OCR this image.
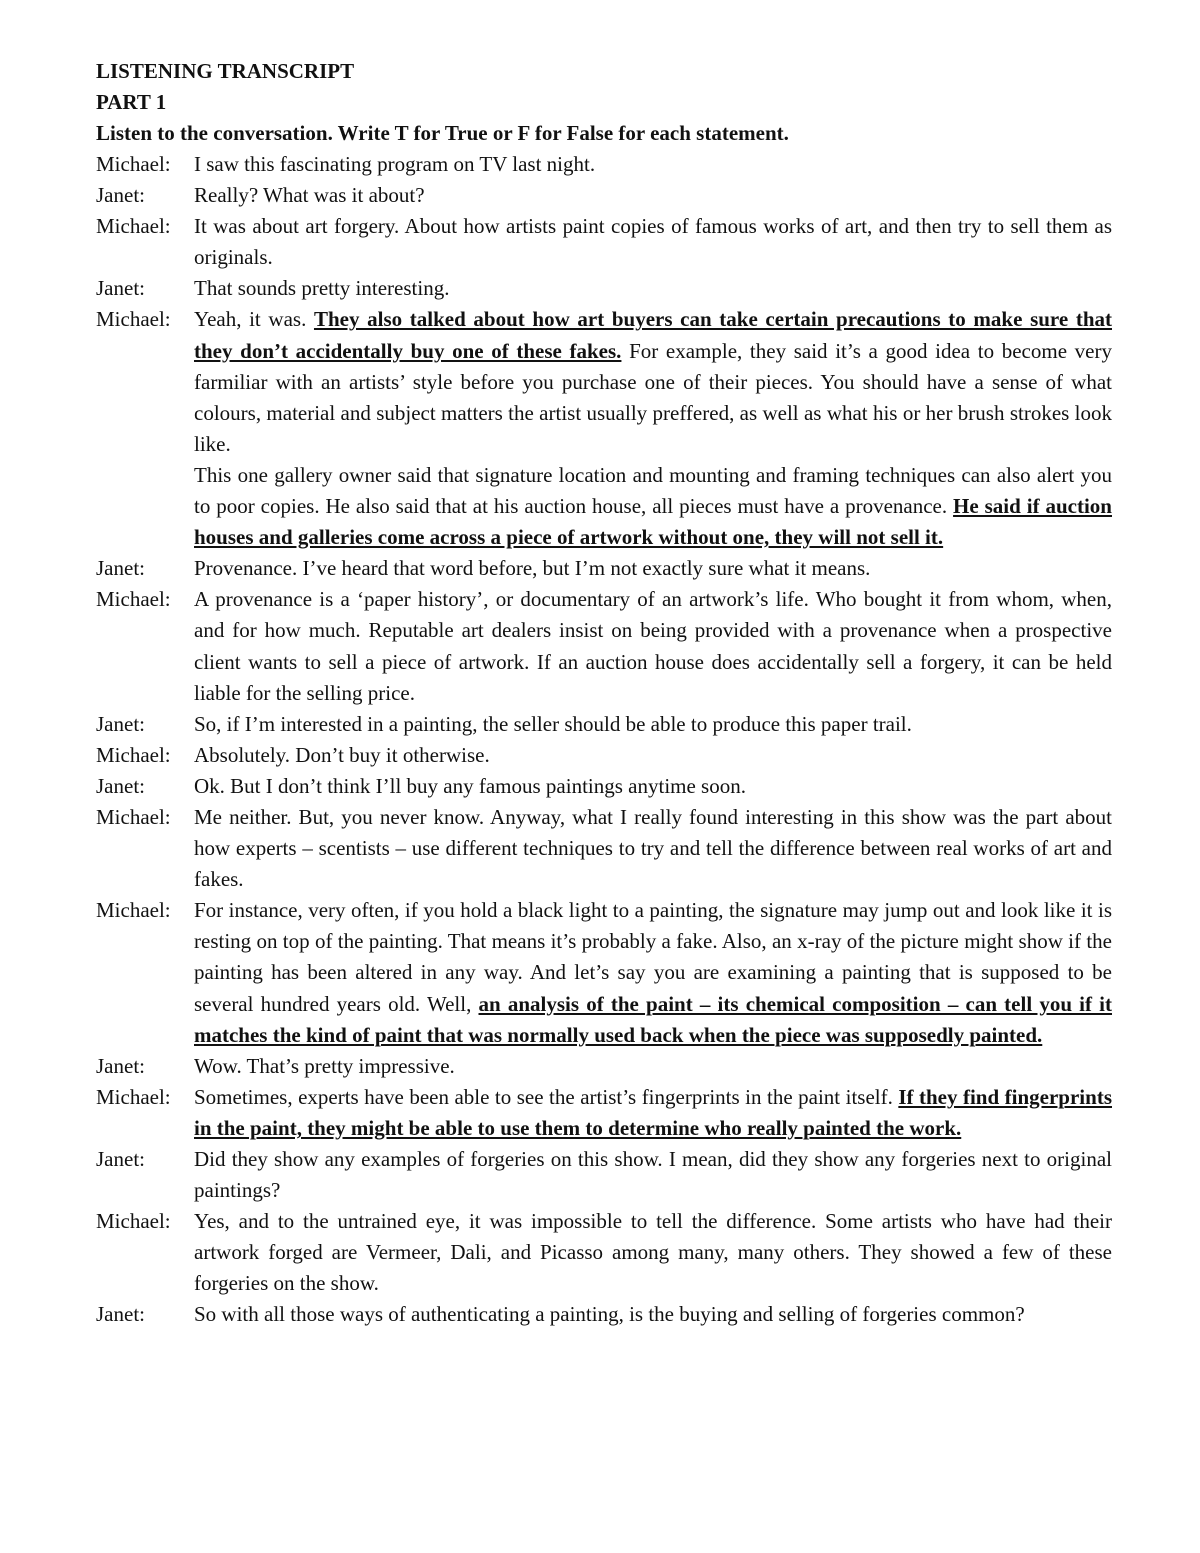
LISTENING TRANSCRIPT
PART 1
Listen to the conversation. Write T for True or F for False for each statement.
Michael:	I saw this fascinating program on TV last night.

Janet:	Really? What was it about?

Michael:	It was about art forgery. About how artists paint copies of famous works of art, and then try to sell them as originals.

Janet:	That sounds pretty interesting.

Michael:	Yeah, it was. They also talked about how art buyers can take certain precautions to make sure that they don’t accidentally buy one of these fakes. For example, they said it’s a good idea to become very farmiliar with an artists’ style before you purchase one of their pieces. You should have a sense of what colours, material and subject matters the artist usually preffered, as well as what his or her brush strokes look like.

This one gallery owner said that signature location and mounting and framing techniques can also alert you to poor copies. He also said that at his auction house, all pieces must have a provenance. He said if auction houses and galleries come across a piece of artwork without one, they will not sell it.

Janet:	Provenance. I’ve heard that word before, but I’m not exactly sure what it means.

Michael:	A provenance is a ‘paper history’, or documentary of an artwork’s life. Who bought it from whom, when, and for how much. Reputable art dealers insist on being provided with a provenance when a prospective client wants to sell a piece of artwork. If an auction house does accidentally sell a forgery, it can be held liable for the selling price.

Janet:	So, if I’m interested in a painting, the seller should be able to produce this paper trail.

Michael:	Absolutely. Don’t buy it otherwise.

Janet:	Ok. But I don’t think I’ll buy any famous paintings anytime soon.

Michael:	Me neither. But, you never know. Anyway, what I really found interesting in this show was the part about how experts – scentists – use different techniques to try and tell the difference between real works of art and fakes.

Michael:	For instance, very often, if you hold a black light to a painting, the signature may jump out and look like it is resting on top of the painting. That means it’s probably a fake. Also, an x-ray of the picture might show if the painting has been altered in any way. And let’s say you are examining a painting that is supposed to be several hundred years old. Well, an analysis of the paint – its chemical composition – can tell you if it matches the kind of paint that was normally used back when the piece was supposedly painted.

Janet:	Wow. That’s pretty impressive.

Michael:	Sometimes, experts have been able to see the artist’s fingerprints in the paint itself. If they find fingerprints in the paint, they might be able to use them to determine who really painted the work.

Janet:	Did they show any examples of forgeries on this show. I mean, did they show any forgeries next to original paintings?

Michael:	Yes, and to the untrained eye, it was impossible to tell the difference. Some artists who have had their artwork forged are Vermeer, Dali, and Picasso among many, many others. They showed a few of these forgeries on the show.

Janet:	So with all those ways of authenticating a painting, is the buying and selling of forgeries common?
